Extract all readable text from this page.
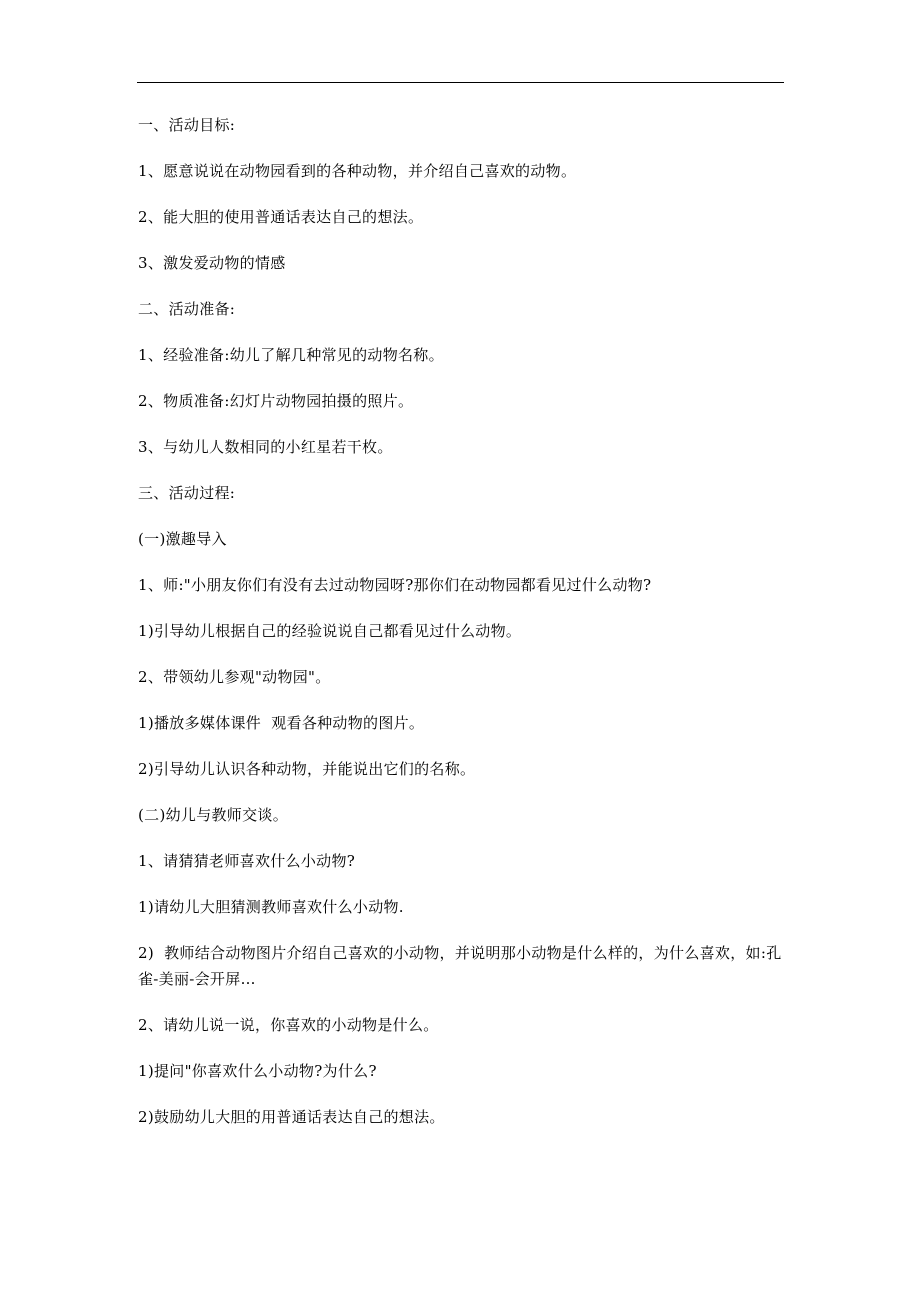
一、活动目标:

1、愿意说说在动物园看到的各种动物，并介绍自己喜欢的动物。

2、能大胆的使用普通话表达自己的想法。

3、激发爱动物的情感

二、活动准备:

1、经验准备:幼儿了解几种常见的动物名称。

2、物质准备:幻灯片动物园拍摄的照片。

3、与幼儿人数相同的小红星若干枚。

三、活动过程:

(一)激趣导入

1、师:"小朋友你们有没有去过动物园呀?那你们在动物园都看见过什么动物?

1)引导幼儿根据自己的经验说说自己都看见过什么动物。

2、带领幼儿参观"动物园"。

1)播放多媒体课件  观看各种动物的图片。

2)引导幼儿认识各种动物，并能说出它们的名称。

(二)幼儿与教师交谈。

1、请猜猜老师喜欢什么小动物?

1)请幼儿大胆猜测教师喜欢什么小动物.

2)  教师结合动物图片介绍自己喜欢的小动物，并说明那小动物是什么样的，为什么喜欢，如:孔雀-美丽-会开屏…

2、请幼儿说一说，你喜欢的小动物是什么。

1)提问"你喜欢什么小动物?为什么?

2)鼓励幼儿大胆的用普通话表达自己的想法。
